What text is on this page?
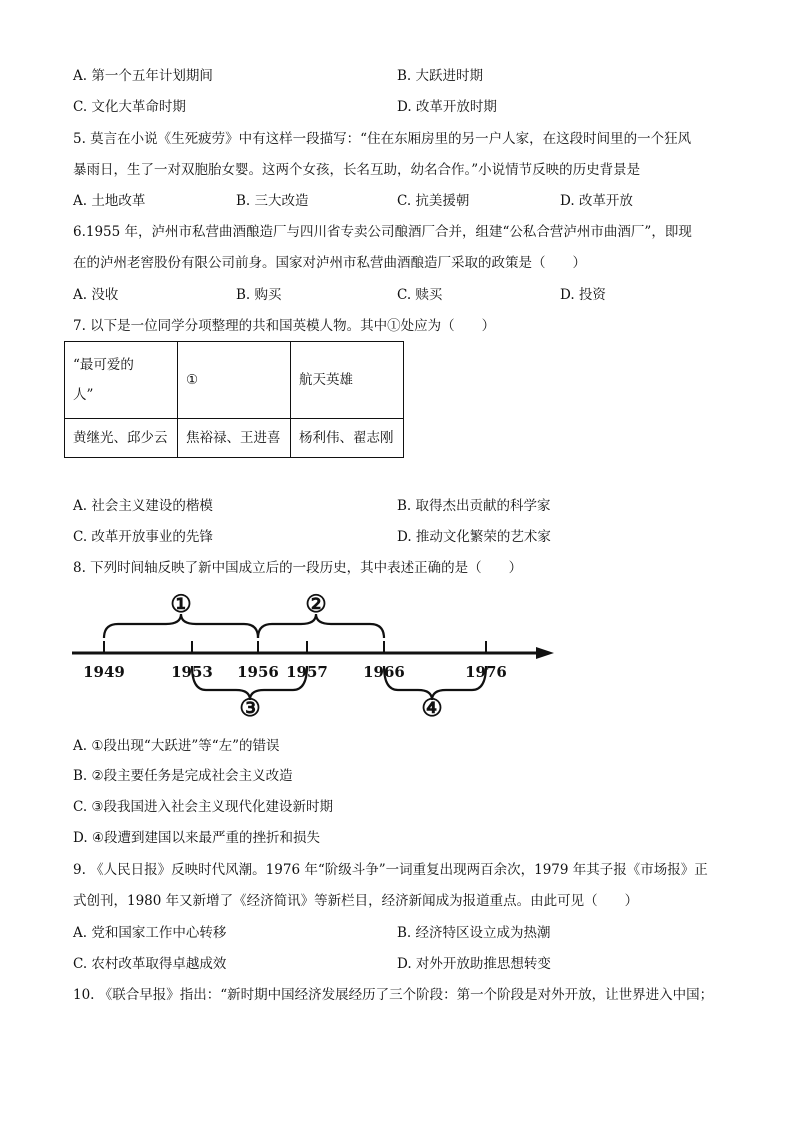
A. 第一个五年计划期间	B. 大跃进时期
C. 文化大革命时期	D. 改革开放时期
5. 莫言在小说《生死疲劳》中有这样一段描写：“住在东厢房里的另一户人家，在这段时间里的一个狂风
暴雨日，生了一对双胞胎女婴。这两个女孩，长名互助，幼名合作。”小说情节反映的历史背景是
A. 土地改革	B. 三大改造	C. 抗美援朝	D. 改革开放
6.1955 年，泸州市私营曲酒酿造厂与四川省专卖公司酿酒厂合并，组建“公私合营泸州市曲酒厂”，即现
在的泸州老窖股份有限公司前身。国家对泸州市私营曲酒酿造厂采取的政策是（　　）
A. 没收	B. 购买	C. 赎买	D. 投资
7. 以下是一位同学分项整理的共和国英模人物。其中①处应为（　　）
“最可爱的
人”	①	航天英雄
黄继光、邱少云	焦裕禄、王进喜	杨利伟、翟志刚
A. 社会主义建设的楷模	B. 取得杰出贡献的科学家
C. 改革开放事业的先锋	D. 推动文化繁荣的艺术家
8. 下列时间轴反映了新中国成立后的一段历史，其中表述正确的是（　　）
1949	1953 1956 1957 1966	1976
①	②
③	④
A. ①段出现“大跃进”等“左”的错误
B. ②段主要任务是完成社会主义改造
C. ③段我国进入社会主义现代化建设新时期
D. ④段遭到建国以来最严重的挫折和损失
9. 《人民日报》反映时代风潮。1976 年“阶级斗争”一词重复出现两百余次，1979 年其子报《市场报》正
式创刊，1980 年又新增了《经济简讯》等新栏目，经济新闻成为报道重点。由此可见（　　）
A. 党和国家工作中心转移	B. 经济特区设立成为热潮
C. 农村改革取得卓越成效	D. 对外开放助推思想转变
10. 《联合早报》指出：“新时期中国经济发展经历了三个阶段：第一个阶段是对外开放，让世界进入中国；
